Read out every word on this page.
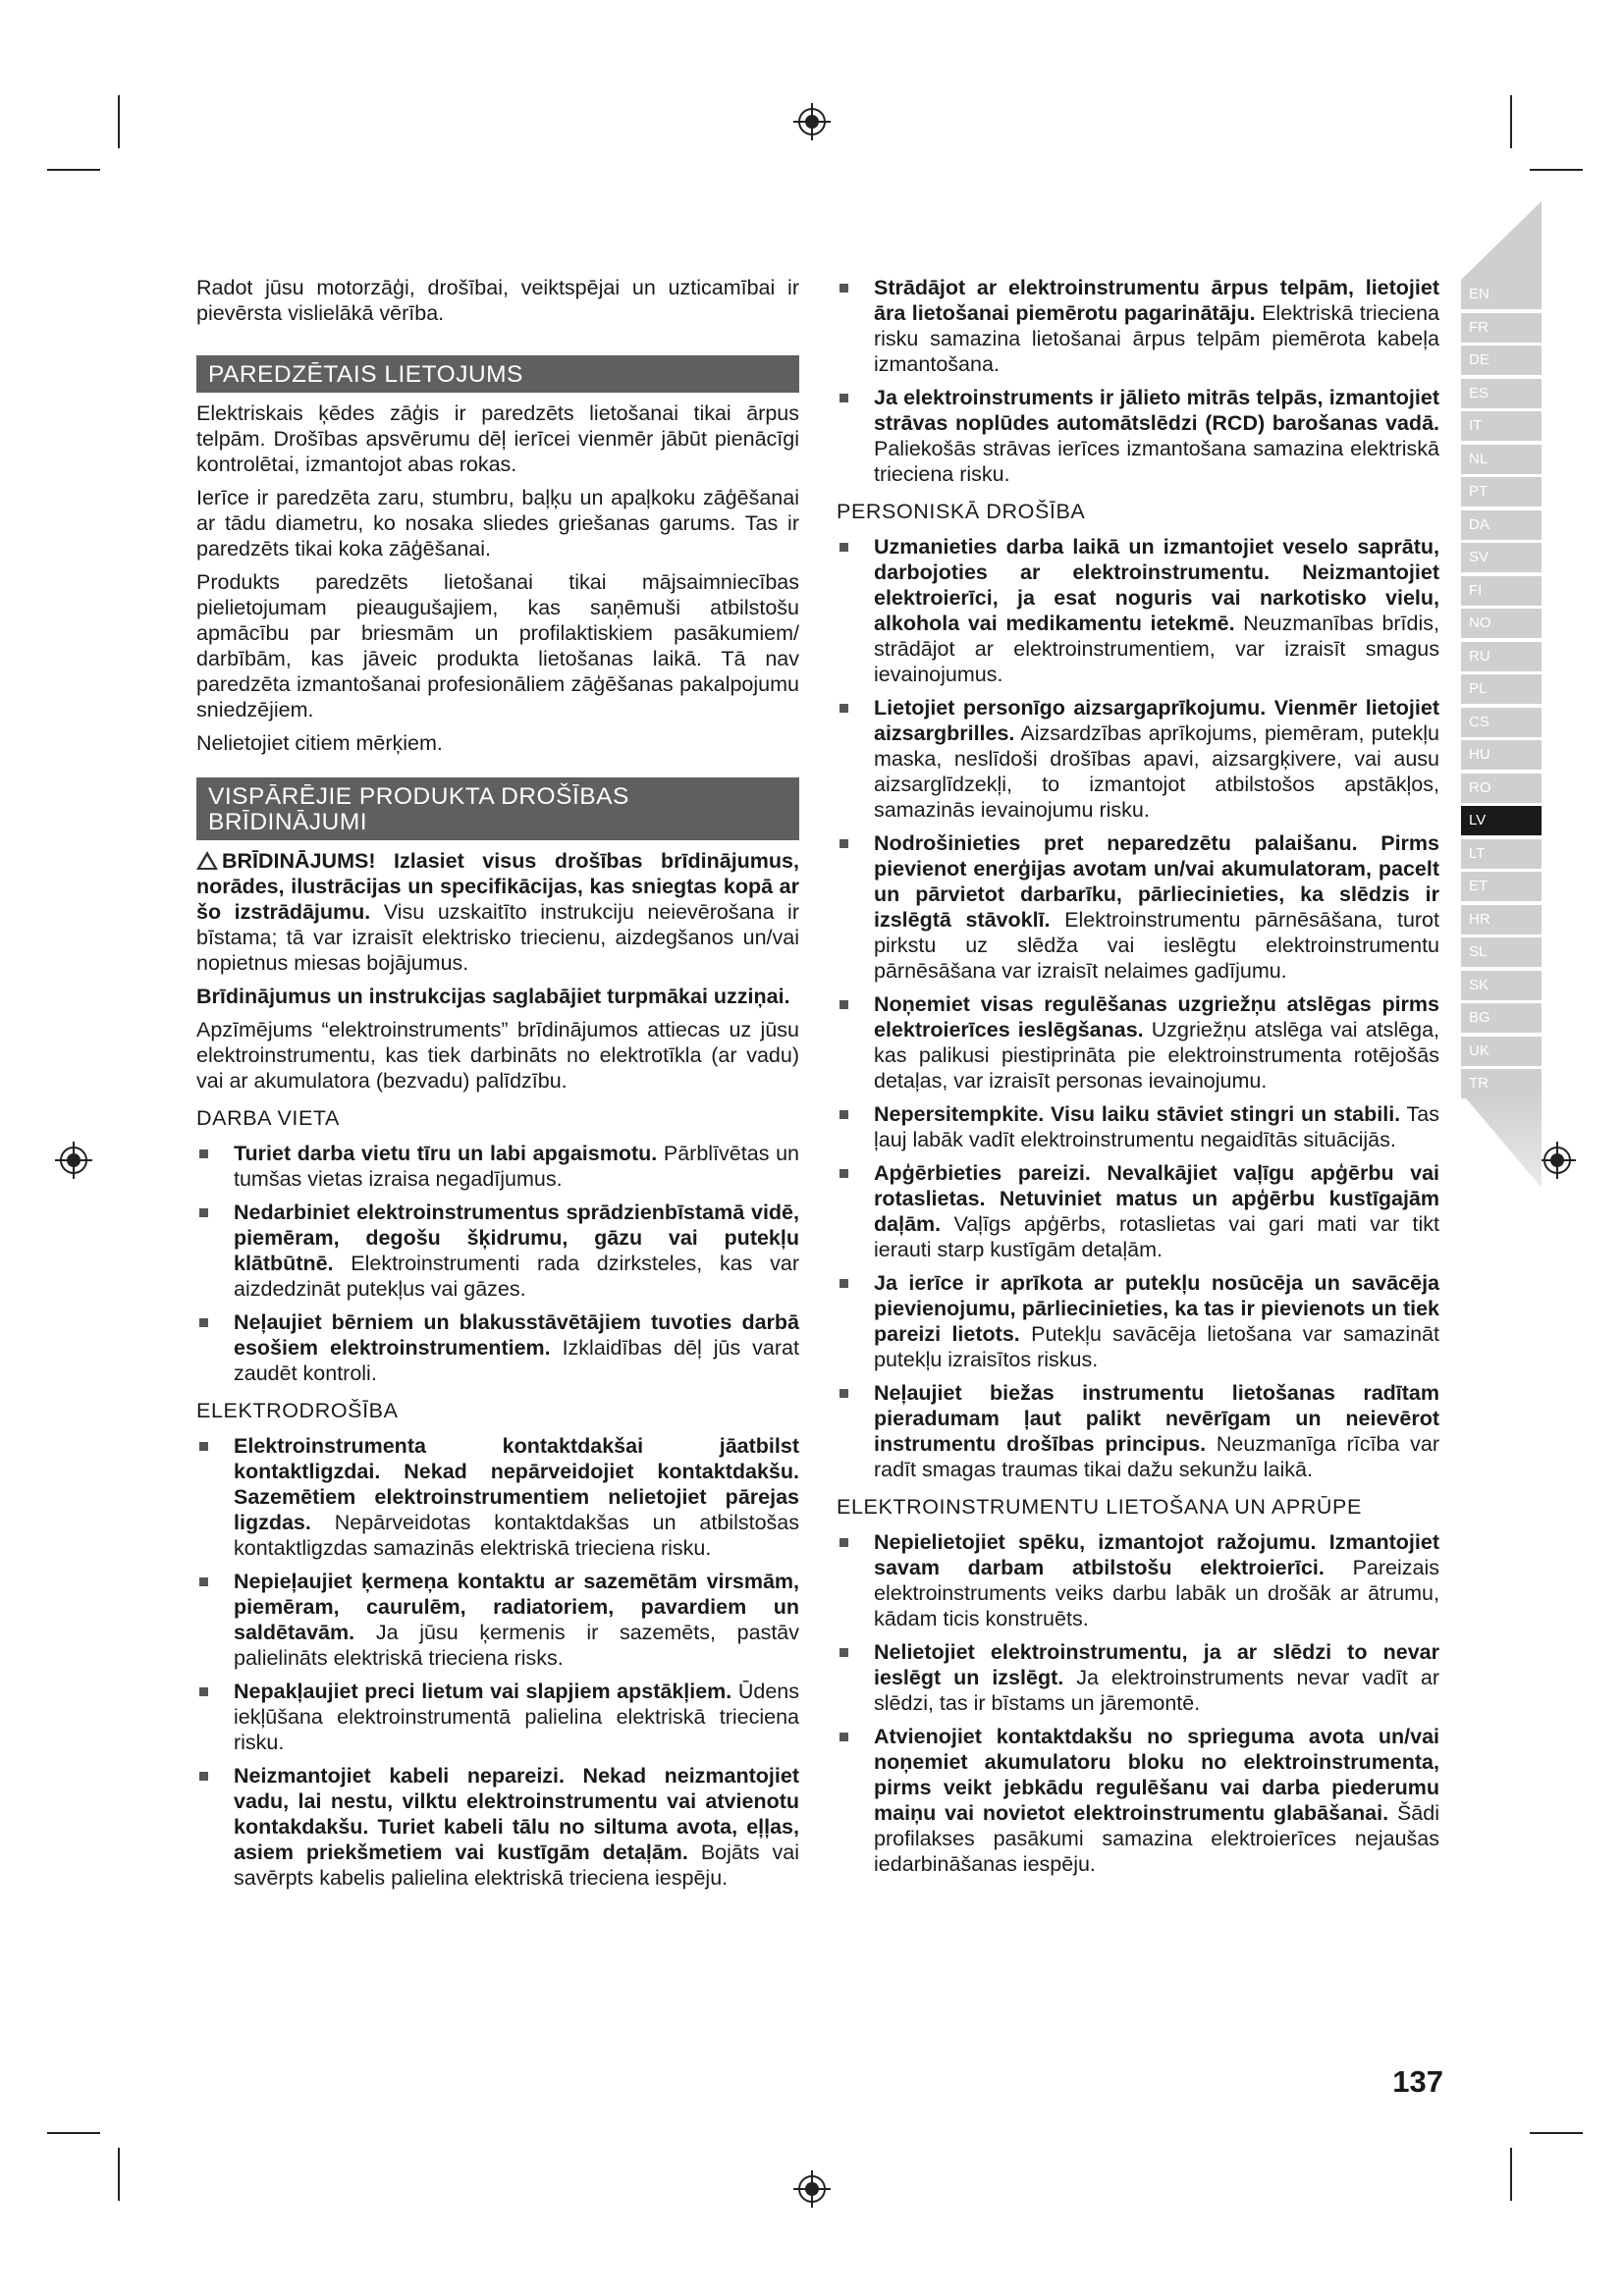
EN
FR
DE
ES
IT
NL
PT
DA
SV
FI
NO
RU
PL
CS
HU
RO
LV
LT
ET
HR
SL
SK
BG
UK
TR

Radot jūsu motorzāģi, drošībai, veiktspējai un uzticamībai ir pievērsta vislielākā vērība.

PAREDZĒTAIS LIETOJUMS

Elektriskais ķēdes zāģis ir paredzēts lietošanai tikai ārpus telpām. Drošības apsvērumu dēļ ierīcei vienmēr jābūt pienācīgi kontrolētai, izmantojot abas rokas.

Ierīce ir paredzēta zaru, stumbru, baļķu un apaļkoku zāģēšanai ar tādu diametru, ko nosaka sliedes griešanas garums. Tas ir paredzēts tikai koka zāģēšanai.

Produkts paredzēts lietošanai tikai mājsaimniecības pielietojumam pieaugušajiem, kas saņēmuši atbilstošu apmācību par briesmām un profilaktiskiem pasākumiem/ darbībām, kas jāveic produkta lietošanas laikā. Tā nav paredzēta izmantošanai profesionāliem zāģēšanas pakalpojumu sniedzējiem.

Nelietojiet citiem mērķiem.

VISPĀRĒJIE PRODUKTA DROŠĪBAS BRĪDINĀJUMI

BRĪDINĀJUMS! Izlasiet visus drošības brīdinājumus, norādes, ilustrācijas un specifikācijas, kas sniegtas kopā ar šo izstrādājumu. Visu uzskaitīto instrukciju neievērošana ir bīstama; tā var izraisīt elektrisko triecienu, aizdegšanos un/vai nopietnus miesas bojājumus.

Brīdinājumus un instrukcijas saglabājiet turpmākai uzziņai.

Apzīmējums “elektroinstruments” brīdinājumos attiecas uz jūsu elektroinstrumentu, kas tiek darbināts no elektrotīkla (ar vadu) vai ar akumulatora (bezvadu) palīdzību.

DARBA VIETA
Turiet darba vietu tīru un labi apgaismotu. Pārblīvētas un tumšas vietas izraisa negadījumus.
Nedarbiniet elektroinstrumentus sprādzienbīstamā vidē, piemēram, degošu šķidrumu, gāzu vai putekļu klātbūtnē. Elektroinstrumenti rada dzirksteles, kas var aizdedzināt putekļus vai gāzes.
Neļaujiet bērniem un blakusstāvētājiem tuvoties darbā esošiem elektroinstrumentiem. Izklaidības dēļ jūs varat zaudēt kontroli.
ELEKTRODROŠĪBA
Elektroinstrumenta kontaktdakšai jāatbilst kontaktligzdai. Nekad nepārveidojiet kontaktdakšu. Sazemētiem elektroinstrumentiem nelietojiet pārejas ligzdas. Nepārveidotas kontaktdakšas un atbilstošas kontaktligzdas samazinās elektriskā trieciena risku.
Nepieļaujiet ķermeņa kontaktu ar sazemētām virsmām, piemēram, caurulēm, radiatoriem, pavardiem un saldētavām. Ja jūsu ķermenis ir sazemēts, pastāv palielināts elektriskā trieciena risks.
Nepakļaujiet preci lietum vai slapjiem apstākļiem. Ūdens iekļūšana elektroinstrumentā palielina elektriskā trieciena risku.
Neizmantojiet kabeli nepareizi. Nekad neizmantojiet vadu, lai nestu, vilktu elektroinstrumentu vai atvienotu kontakdakšu. Turiet kabeli tālu no siltuma avota, eļļas, asiem priekšmetiem vai kustīgām detaļām. Bojāts vai savērpts kabelis palielina elektriskā trieciena iespēju.
Strādājot ar elektroinstrumentu ārpus telpām, lietojiet āra lietošanai piemērotu pagarinātāju. Elektriskā trieciena risku samazina lietošanai ārpus telpām piemērota kabeļa izmantošana.
Ja elektroinstruments ir jālieto mitrās telpās, izmantojiet strāvas noplūdes automātslēdzi (RCD) barošanas vadā. Paliekošās strāvas ierīces izmantošana samazina elektriskā trieciena risku.
PERSONISKĀ DROŠĪBA
Uzmanieties darba laikā un izmantojiet veselo saprātu, darbojoties ar elektroinstrumentu. Neizmantojiet elektroierīci, ja esat noguris vai narkotisko vielu, alkohola vai medikamentu ietekmē. Neuzmanības brīdis, strādājot ar elektroinstrumentiem, var izraisīt smagus ievainojumus.
Lietojiet personīgo aizsargaprīkojumu. Vienmēr lietojiet aizsargbrilles. Aizsardzības aprīkojums, piemēram, putekļu maska, neslīdoši drošības apavi, aizsargķivere, vai ausu aizsarglīdzekļi, to izmantojot atbilstošos apstākļos, samazinās ievainojumu risku.
Nodrošinieties pret neparedzētu palaišanu. Pirms pievienot enerģijas avotam un/vai akumulatoram, pacelt un pārvietot darbarīku, pārliecinieties, ka slēdzis ir izslēgtā stāvoklī. Elektroinstrumentu pārnēsāšana, turot pirkstu uz slēdža vai ieslēgtu elektroinstrumentu pārnēsāšana var izraisīt nelaimes gadījumu.
Noņemiet visas regulēšanas uzgriežņu atslēgas pirms elektroierīces ieslēgšanas. Uzgriežņu atslēga vai atslēga, kas palikusi piestiprināta pie elektroinstrumenta rotējošās detaļas, var izraisīt personas ievainojumu.
Nepersitempkite. Visu laiku stāviet stingri un stabili. Tas ļauj labāk vadīt elektroinstrumentu negaidītās situācijās.
Apģērbieties pareizi. Nevalkājiet vaļīgu apģērbu vai rotaslietas. Netuviniet matus un apģērbu kustīgajām daļām. Vaļīgs apģērbs, rotaslietas vai gari mati var tikt ierauti starp kustīgām detaļām.
Ja ierīce ir aprīkota ar putekļu nosūcēja un savācēja pievienojumu, pārliecinieties, ka tas ir pievienots un tiek pareizi lietots. Putekļu savācēja lietošana var samazināt putekļu izraisītos riskus.
Neļaujiet biežas instrumentu lietošanas radītam pieradumam ļaut palikt nevērīgam un neievērot instrumentu drošības principus. Neuzmanīga rīcība var radīt smagas traumas tikai dažu sekunžu laikā.
ELEKTROINSTRUMENTU LIETOŠANA UN APRŪPE
Nepielietojiet spēku, izmantojot ražojumu. Izmantojiet savam darbam atbilstošu elektroierīci. Pareizais elektroinstruments veiks darbu labāk un drošāk ar ātrumu, kādam ticis konstruēts.
Nelietojiet elektroinstrumentu, ja ar slēdzi to nevar ieslēgt un izslēgt. Ja elektroinstruments nevar vadīt ar slēdzi, tas ir bīstams un jāremontē.
Atvienojiet kontaktdakšu no sprieguma avota un/vai noņemiet akumulatoru bloku no elektroinstrumenta, pirms veikt jebkādu regulēšanu vai darba piederumu maiņu vai novietot elektroinstrumentu glabāšanai. Šādi profilakses pasākumi samazina elektroierīces nejaušas iedarbināšanas iespēju.
137
